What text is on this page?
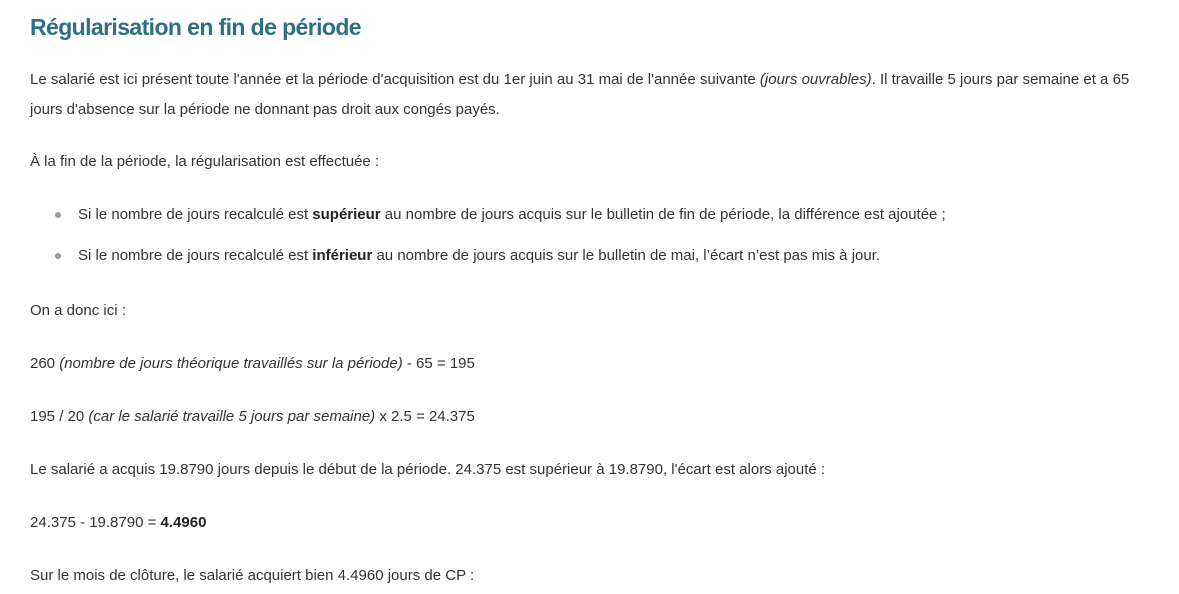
Régularisation en fin de période

Le salarié est ici présent toute l'année et la période d'acquisition est du 1er juin au 31 mai de l'année suivante (jours ouvrables). Il travaille 5 jours par semaine et a 65 jours d'absence sur la période ne donnant pas droit aux congés payés.

À la fin de la période, la régularisation est effectuée :

Si le nombre de jours recalculé est supérieur au nombre de jours acquis sur le bulletin de fin de période, la différence est ajoutée ;
Si le nombre de jours recalculé est inférieur au nombre de jours acquis sur le bulletin de mai, l’écart n’est pas mis à jour.

On a donc ici :

260 (nombre de jours théorique travaillés sur la période) - 65 = 195

195 / 20 (car le salarié travaille 5 jours par semaine) x 2.5 = 24.375

Le salarié a acquis 19.8790 jours depuis le début de la période. 24.375 est supérieur à 19.8790, l'écart est alors ajouté :

24.375 - 19.8790 = 4.4960

Sur le mois de clôture, le salarié acquiert bien 4.4960 jours de CP :
